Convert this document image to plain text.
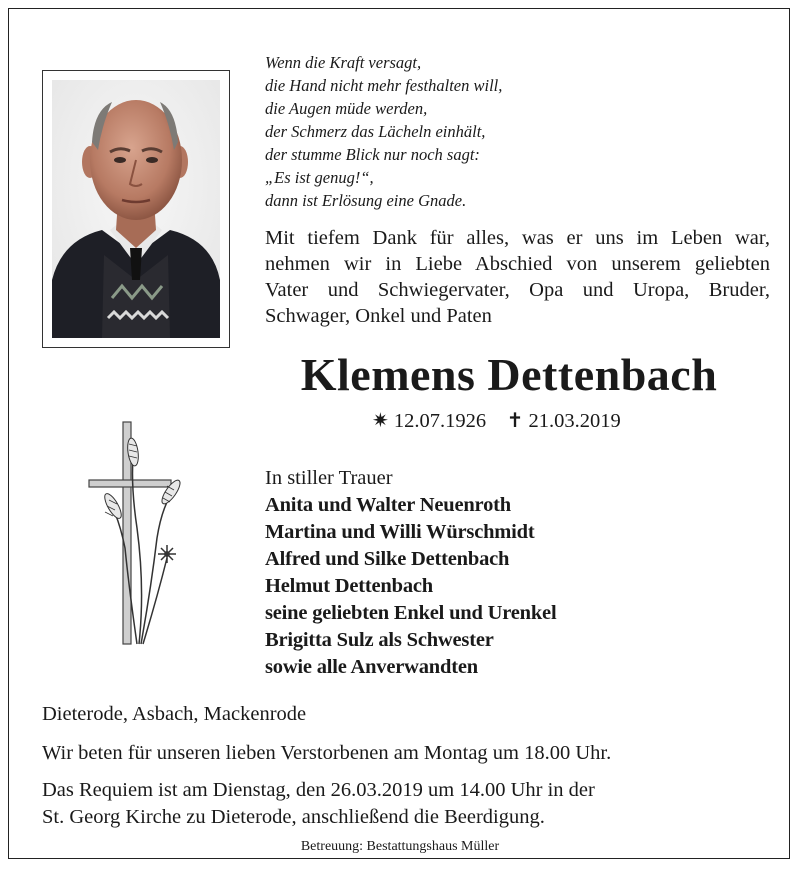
Wenn die Kraft versagt,
die Hand nicht mehr festhalten will,
die Augen müde werden,
der Schmerz das Lächeln einhält,
der stumme Blick nur noch sagt:
„Es ist genug!“,
dann ist Erlösung eine Gnade.
Mit tiefem Dank für alles, was er uns im Leben war,
nehmen wir in Liebe Abschied von unserem geliebten
Vater und Schwiegervater, Opa und Uropa, Bruder,
Schwager, Onkel und Paten
Klemens Dettenbach
✷ 12.07.1926 ✝ 21.03.2019
In stiller Trauer
Anita und Walter Neuenroth
Martina und Willi Würschmidt
Alfred und Silke Dettenbach
Helmut Dettenbach
seine geliebten Enkel und Urenkel
Brigitta Sulz als Schwester
sowie alle Anverwandten
Dieterode, Asbach, Mackenrode
Wir beten für unseren lieben Verstorbenen am Montag um 18.00 Uhr.
Das Requiem ist am Dienstag, den 26.03.2019 um 14.00 Uhr in der
St. Georg Kirche zu Dieterode, anschließend die Beerdigung.
Betreuung: Bestattungshaus Müller
